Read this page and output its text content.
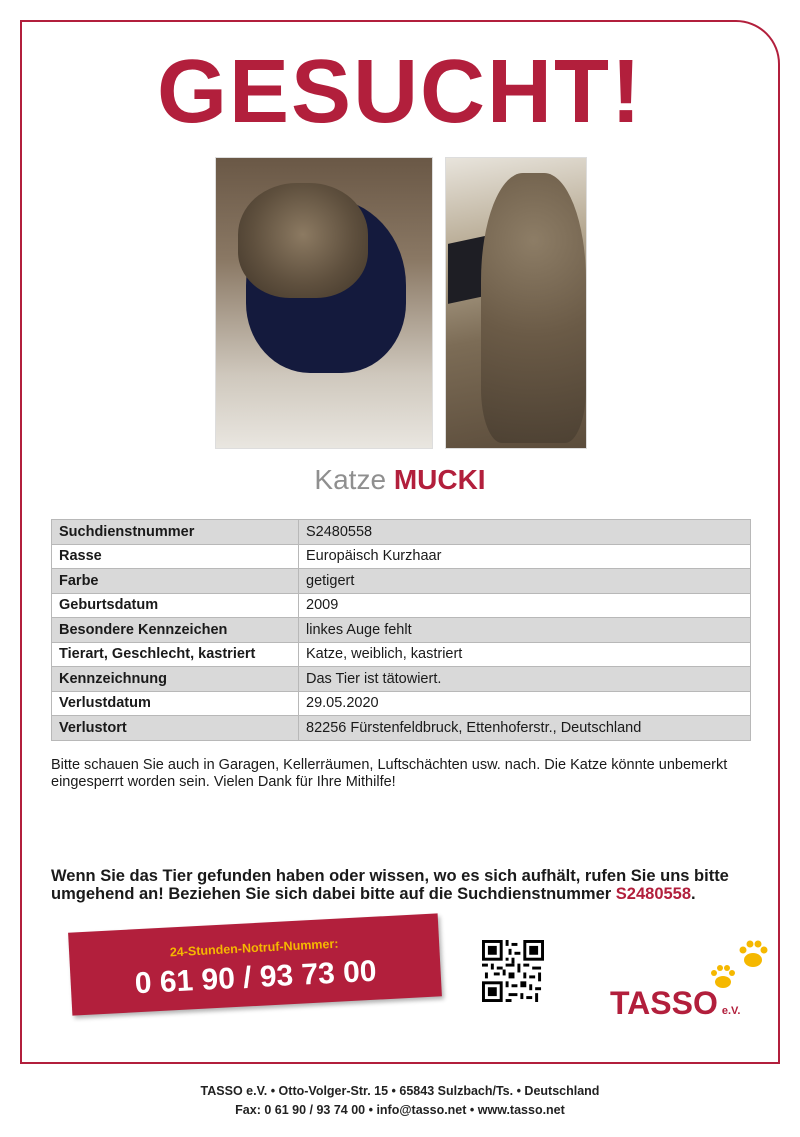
GESUCHT!
Katze MUCKI
Suchdienstnummer	S2480558
Rasse	Europäisch Kurzhaar
Farbe	getigert
Geburtsdatum	2009
Besondere Kennzeichen	linkes Auge fehlt
Tierart, Geschlecht, kastriert	Katze, weiblich, kastriert
Kennzeichnung	Das Tier ist tätowiert.
Verlustdatum	29.05.2020
Verlustort	82256 Fürstenfeldbruck, Ettenhoferstr., Deutschland
Bitte schauen Sie auch in Garagen, Kellerräumen, Luftschächten usw. nach. Die Katze könnte unbemerkt eingesperrt worden sein. Vielen Dank für Ihre Mithilfe!
Wenn Sie das Tier gefunden haben oder wissen, wo es sich aufhält, rufen Sie uns bitte umgehend an! Beziehen Sie sich dabei bitte auf die Suchdienstnummer S2480558.
24-Stunden-Notruf-Nummer:
0 61 90 / 93 73 00
TASSO e.V.
TASSO e.V. • Otto-Volger-Str. 15 • 65843 Sulzbach/Ts. • Deutschland
Fax: 0 61 90 / 93 74 00 • info@tasso.net • www.tasso.net
